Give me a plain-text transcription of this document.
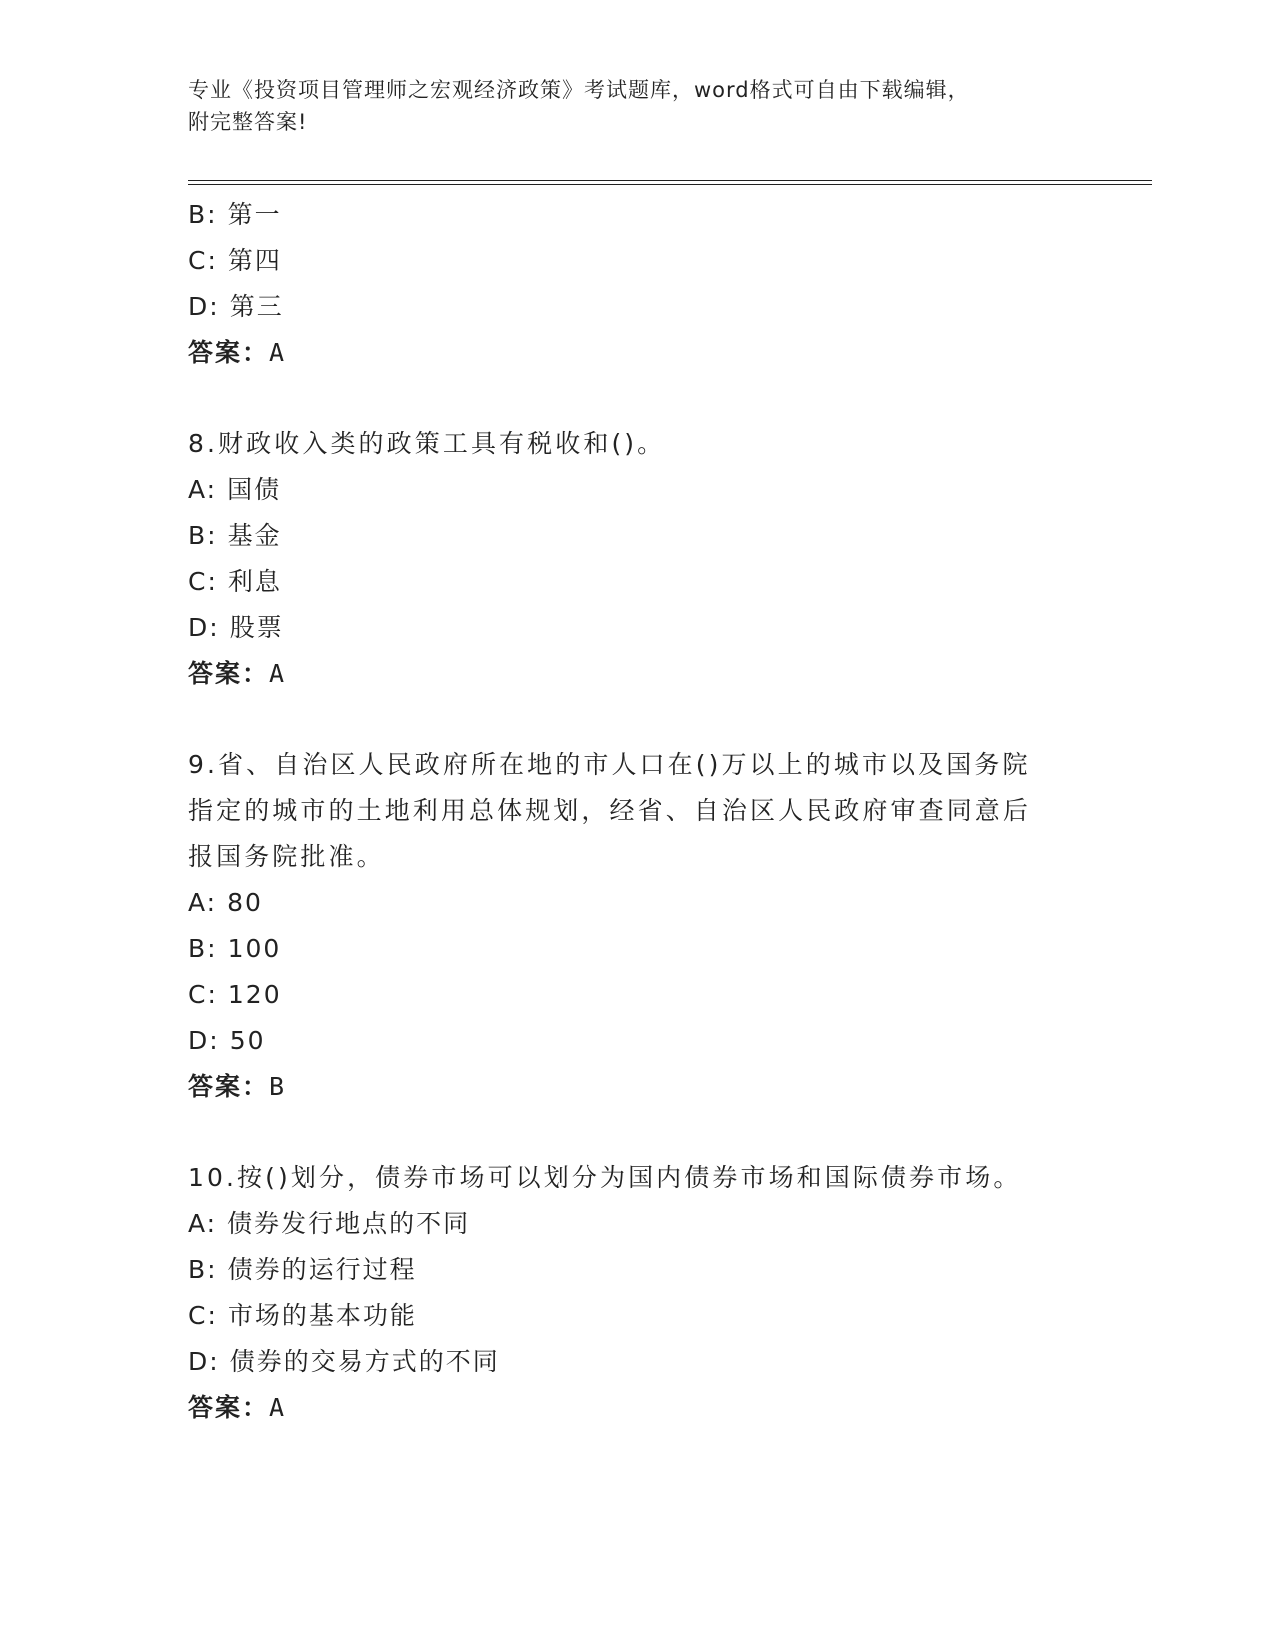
专业《投资项目管理师之宏观经济政策》考试题库，word格式可自由下载编辑，
附完整答案!
B: 第一
C: 第四
D: 第三
答案：A
8.财政收入类的政策工具有税收和()。
A: 国债
B: 基金
C: 利息
D: 股票
答案：A
9.省、自治区人民政府所在地的市人口在()万以上的城市以及国务院指定的城市的土地利用总体规划，经省、自治区人民政府审查同意后报国务院批准。
A: 80
B: 100
C: 120
D: 50
答案：B
10.按()划分，债券市场可以划分为国内债券市场和国际债券市场。
A: 债券发行地点的不同
B: 债券的运行过程
C: 市场的基本功能
D: 债券的交易方式的不同
答案：A
